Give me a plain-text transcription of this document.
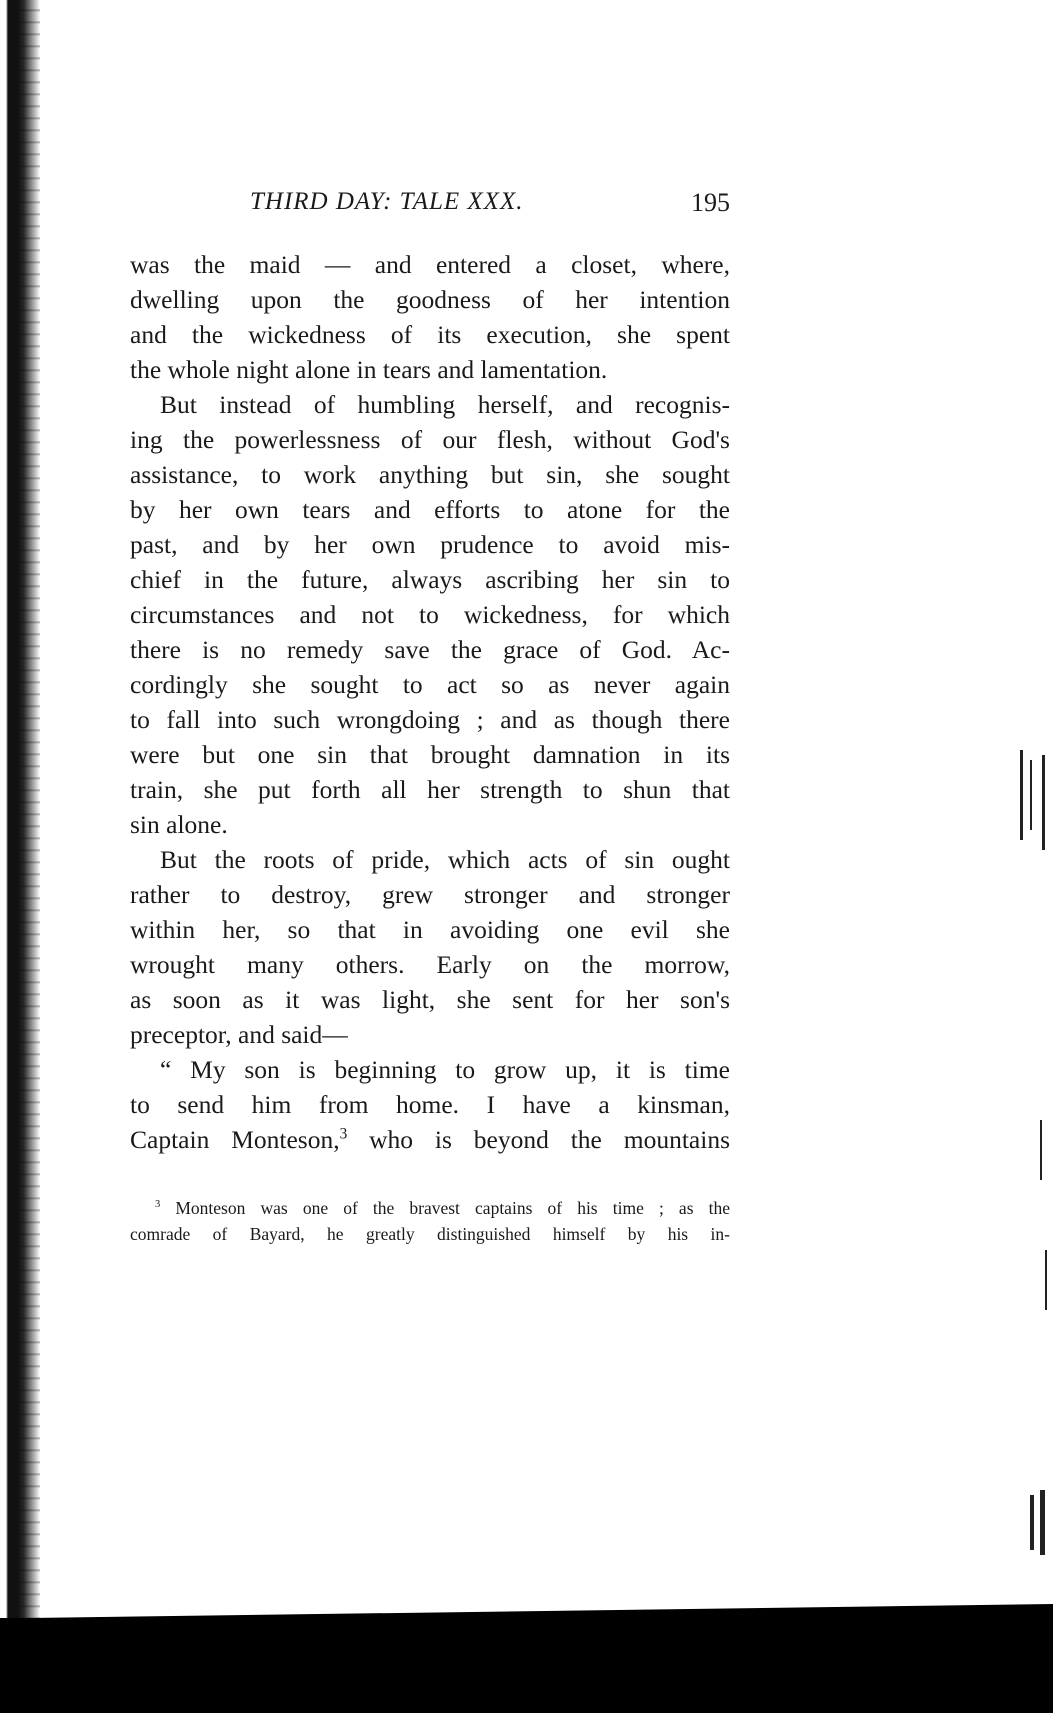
THIRD DAY: TALE XXX.	195
was the maid — and entered a closet, where,
dwelling upon the goodness of her intention
and the wickedness of its execution, she spent
the whole night alone in tears and lamentation.
But instead of humbling herself, and recognis-
ing the powerlessness of our flesh, without God's
assistance, to work anything but sin, she sought
by her own tears and efforts to atone for the
past, and by her own prudence to avoid mis-
chief in the future, always ascribing her sin to
circumstances and not to wickedness, for which
there is no remedy save the grace of God. Ac-
cordingly she sought to act so as never again
to fall into such wrongdoing ; and as though there
were but one sin that brought damnation in its
train, she put forth all her strength to shun that
sin alone.
But the roots of pride, which acts of sin ought
rather to destroy, grew stronger and stronger
within her, so that in avoiding one evil she
wrought many others. Early on the morrow,
as soon as it was light, she sent for her son's
preceptor, and said—
“ My son is beginning to grow up, it is time
to send him from home. I have a kinsman,
Captain Monteson,$^3$ who is beyond the mountains
$^3$ Monteson was one of the bravest captains of his time ; as the
comrade of Bayard, he greatly distinguished himself by his in-
